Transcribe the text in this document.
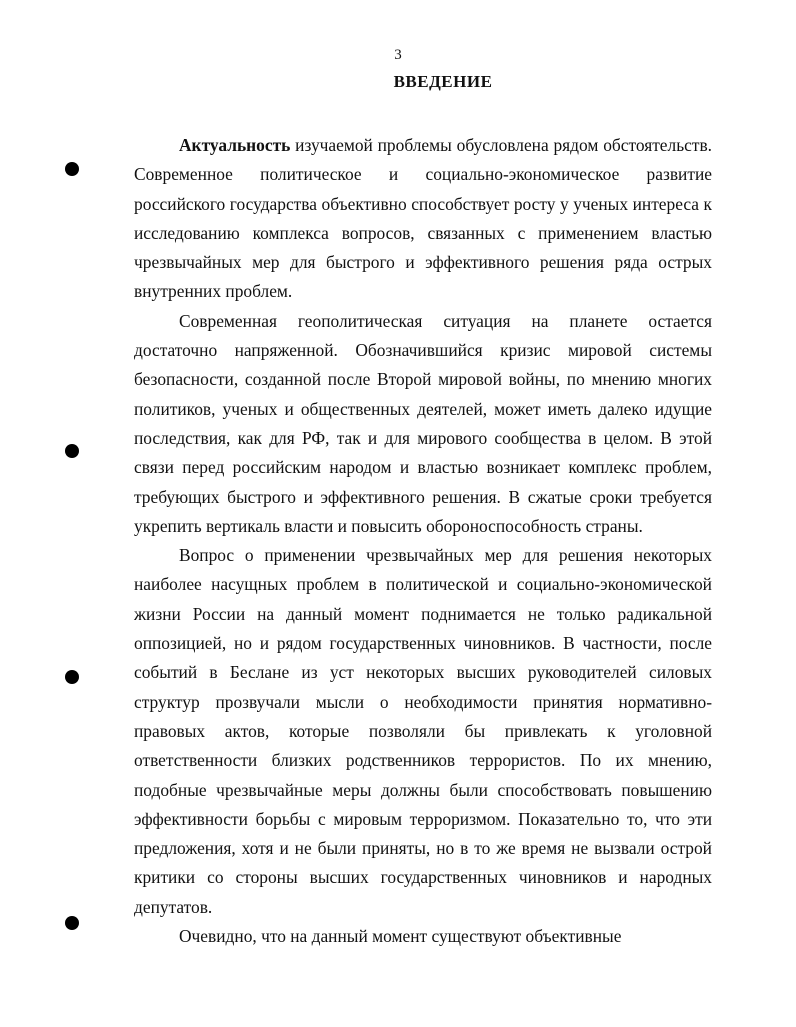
3
ВВЕДЕНИЕ

Актуальность изучаемой проблемы обусловлена рядом обстоятельств. Современное политическое и социально-экономическое развитие российского государства объективно способствует росту у ученых интереса к исследованию комплекса вопросов, связанных с применением властью чрезвычайных мер для быстрого и эффективного решения ряда острых внутренних проблем.

Современная геополитическая ситуация на планете остается достаточно напряженной. Обозначившийся кризис мировой системы безопасности, созданной после Второй мировой войны, по мнению многих политиков, ученых и общественных деятелей, может иметь далеко идущие последствия, как для РФ, так и для мирового сообщества в целом. В этой связи перед российским народом и властью возникает комплекс проблем, требующих быстрого и эффективного решения. В сжатые сроки требуется укрепить вертикаль власти и повысить обороноспособность страны.

Вопрос о применении чрезвычайных мер для решения некоторых наиболее насущных проблем в политической и социально-экономической жизни России на данный момент поднимается не только радикальной оппозицией, но и рядом государственных чиновников. В частности, после событий в Беслане из уст некоторых высших руководителей силовых структур прозвучали мысли о необходимости принятия нормативно-правовых актов, которые позволяли бы привлекать к уголовной ответственности близких родственников террористов. По их мнению, подобные чрезвычайные меры должны были способствовать повышению эффективности борьбы с мировым терроризмом. Показательно то, что эти предложения, хотя и не были приняты, но в то же время не вызвали острой критики со стороны высших государственных чиновников и народных депутатов.

Очевидно, что на данный момент существуют объективные
